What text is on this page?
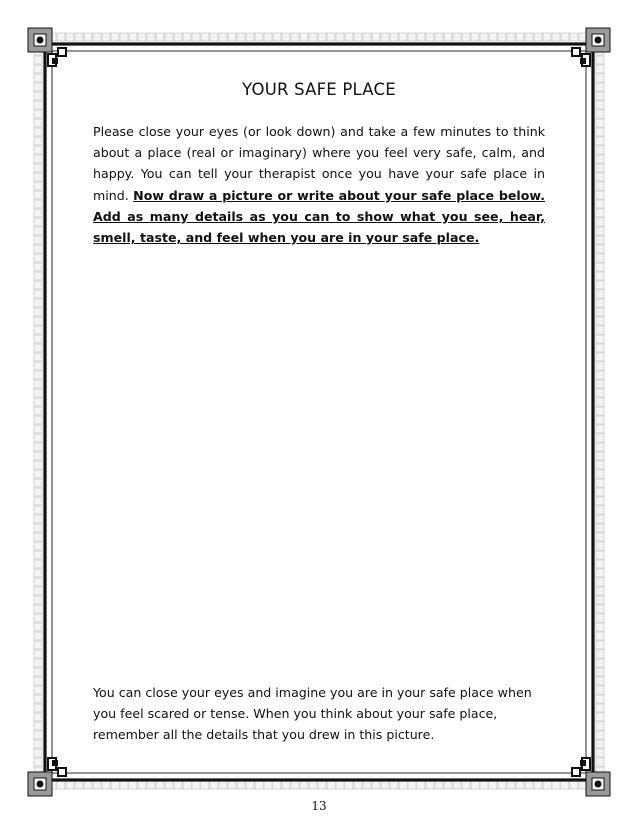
YOUR SAFE PLACE

Please close your eyes (or look down) and take a few minutes to think about a place (real or imaginary) where you feel very safe, calm, and happy. You can tell your therapist once you have your safe place in mind. Now draw a picture or write about your safe place below. Add as many details as you can to show what you see, hear, smell, taste, and feel when you are in your safe place.

You can close your eyes and imagine you are in your safe place when you feel scared or tense. When you think about your safe place, remember all the details that you drew in this picture.

13
